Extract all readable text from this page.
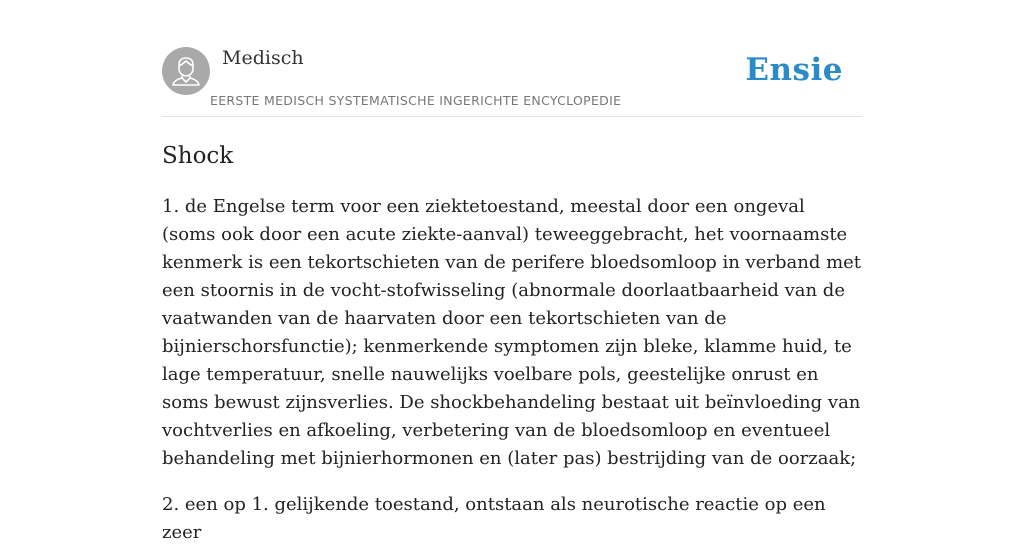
Medisch
EERSTE MEDISCH SYSTEMATISCHE INGERICHTE ENCYCLOPEDIE
Ensie
Shock

1. de Engelse term voor een ziektetoestand, meestal door een ongeval (soms ook door een acute ziekte-aanval) teweeggebracht, het voornaamste kenmerk is een tekortschieten van de perifere bloedsomloop in verband met een stoornis in de vocht-stofwisseling (abnormale doorlaatbaarheid van de vaatwanden van de haarvaten door een tekortschieten van de bijnierschorsfunctie); kenmerkende symptomen zijn bleke, klamme huid, te lage temperatuur, snelle nauwelijks voelbare pols, geestelijke onrust en soms bewust zijnsverlies. De shockbehandeling bestaat uit beïnvloeding van vochtverlies en afkoeling, verbetering van de bloedsomloop en eventueel behandeling met bijnierhormonen en (later pas) bestrijding van de oorzaak;

2. een op 1. gelijkende toestand, ontstaan als neurotische reactie op een zeer
